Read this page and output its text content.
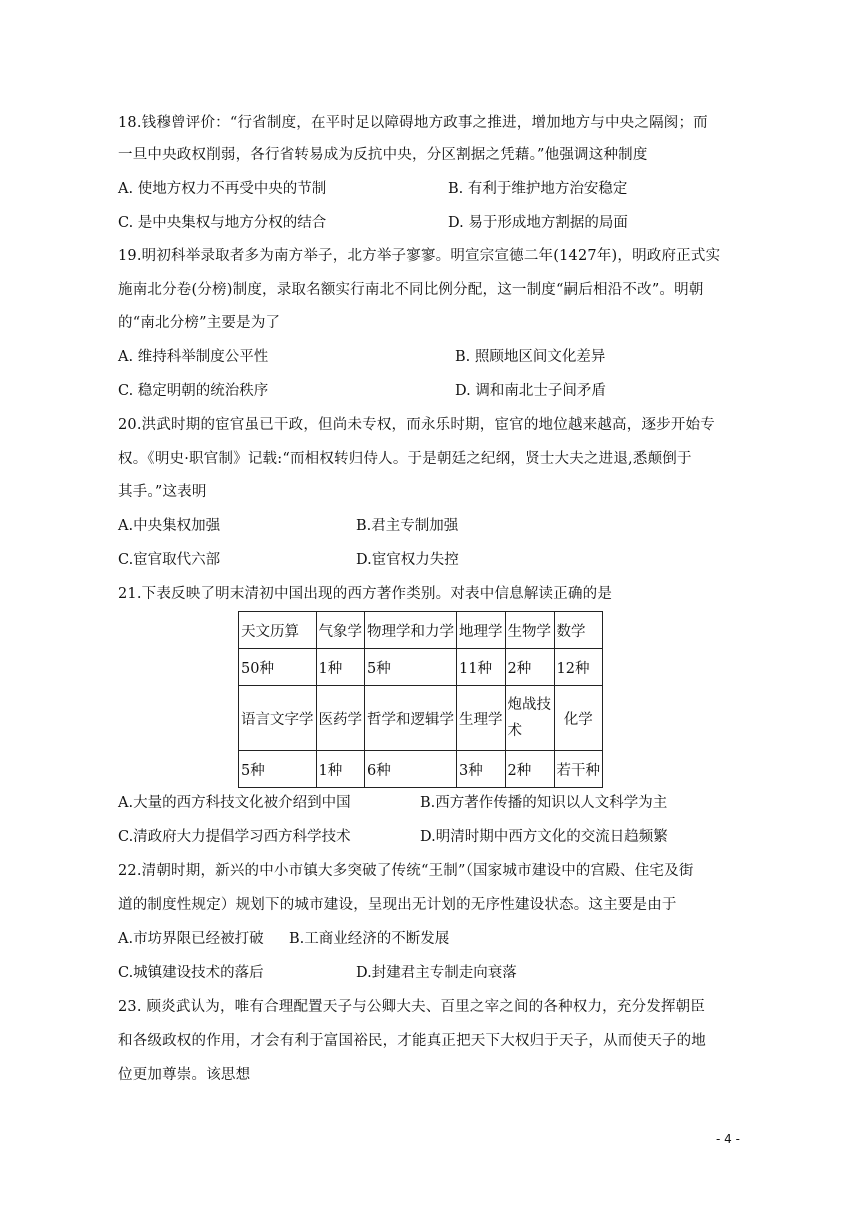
18.钱穆曾评价：“行省制度，在平时足以障碍地方政事之推进，增加地方与中央之隔阂；而
一旦中央政权削弱，各行省转易成为反抗中央，分区割据之凭藉。”他强调这种制度
A. 使地方权力不再受中央的节制	B. 有利于维护地方治安稳定
C. 是中央集权与地方分权的结合	D. 易于形成地方割据的局面
19.明初科举录取者多为南方举子，北方举子寥寥。明宣宗宣德二年(1427年)，明政府正式实
施南北分卷(分榜)制度，录取名额实行南北不同比例分配，这一制度“嗣后相沿不改”。明朝
的“南北分榜”主要是为了
A. 维持科举制度公平性	B. 照顾地区间文化差异
C. 稳定明朝的统治秩序	D. 调和南北士子间矛盾
20.洪武时期的宦官虽已干政，但尚未专权，而永乐时期，宦官的地位越来越高，逐步开始专
权。《明史·职官制》记载:“而相权转归侍人。于是朝廷之纪纲，贤士大夫之进退,悉颠倒于
其手。”这表明
A.中央集权加强	B.君主专制加强
C.宦官取代六部	D.宦官权力失控
21.下表反映了明末清初中国出现的西方著作类别。对表中信息解读正确的是
天文历算	气象学	物理学和力学	地理学	生物学	数学
50种	1种	5种	11种	2种	12种
语言文字学	医药学	哲学和逻辑学	生理学	炮战技术	化学
5种	1种	6种	3种	2种	若干种
A.大量的西方科技文化被介绍到中国	B.西方著作传播的知识以人文科学为主
C.清政府大力提倡学习西方科学技术	D.明清时期中西方文化的交流日趋频繁
22.清朝时期，新兴的中小市镇大多突破了传统“王制”（国家城市建设中的宫殿、住宅及街
道的制度性规定）规划下的城市建设，呈现出无计划的无序性建设状态。这主要是由于
A.市坊界限已经被打破 B.工商业经济的不断发展
C.城镇建设技术的落后	D.封建君主专制走向衰落
23. 顾炎武认为，唯有合理配置天子与公卿大夫、百里之宰之间的各种权力，充分发挥朝臣
和各级政权的作用，才会有利于富国裕民，才能真正把天下大权归于天子，从而使天子的地
位更加尊崇。该思想
- 4 -
